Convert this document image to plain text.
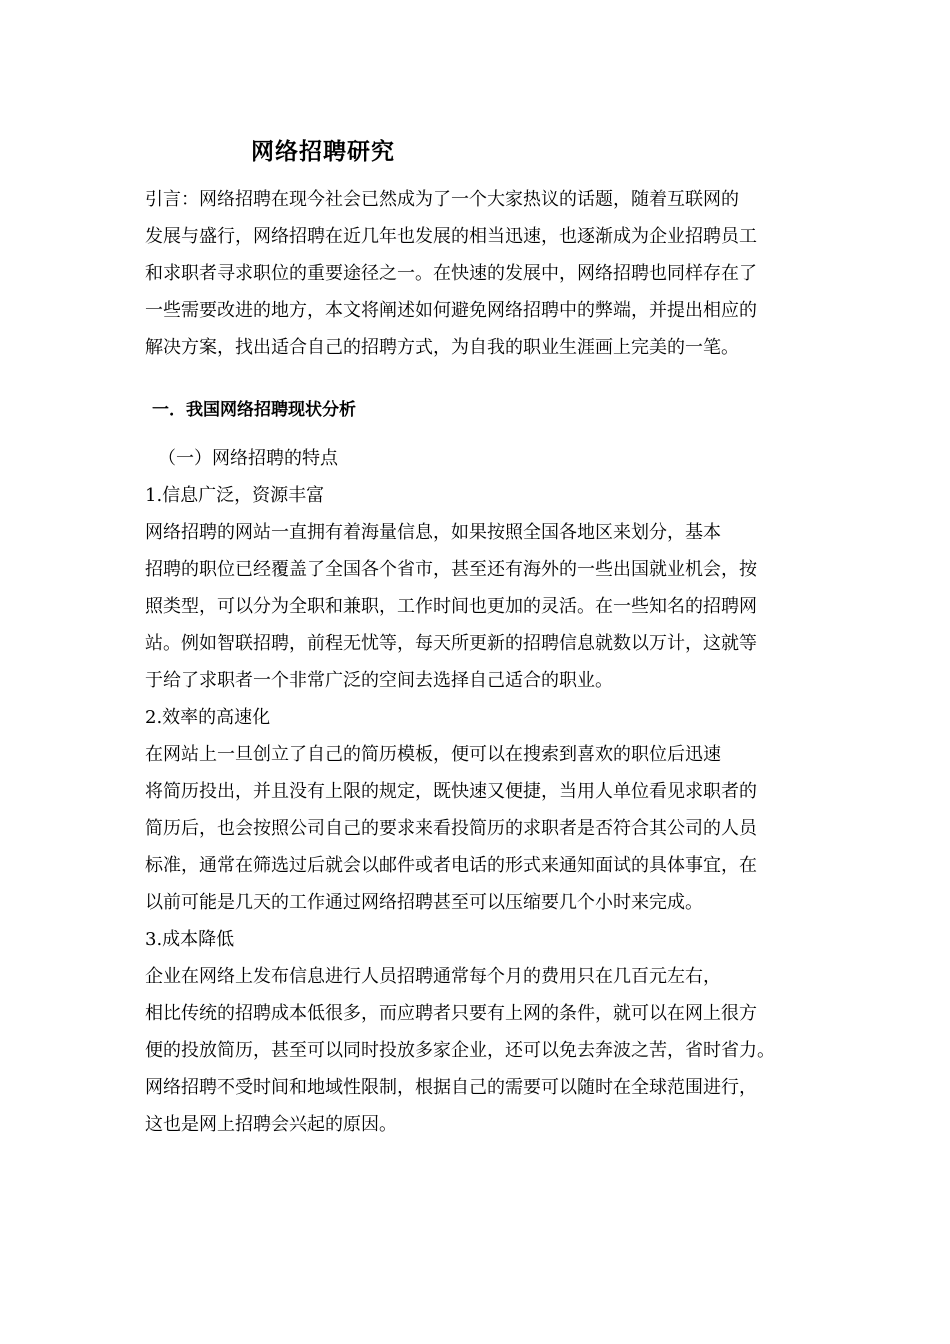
网络招聘研究
引言：网络招聘在现今社会已然成为了一个大家热议的话题，随着互联网的
发展与盛行，网络招聘在近几年也发展的相当迅速，也逐渐成为企业招聘员工
和求职者寻求职位的重要途径之一。在快速的发展中，网络招聘也同样存在了
一些需要改进的地方，本文将阐述如何避免网络招聘中的弊端，并提出相应的
解决方案，找出适合自己的招聘方式，为自我的职业生涯画上完美的一笔。
一．我国网络招聘现状分析
（一）网络招聘的特点
1.信息广泛，资源丰富
网络招聘的网站一直拥有着海量信息，如果按照全国各地区来划分，基本
招聘的职位已经覆盖了全国各个省市，甚至还有海外的一些出国就业机会，按
照类型，可以分为全职和兼职，工作时间也更加的灵活。在一些知名的招聘网
站。例如智联招聘，前程无忧等，每天所更新的招聘信息就数以万计，这就等
于给了求职者一个非常广泛的空间去选择自己适合的职业。
2.效率的高速化
在网站上一旦创立了自己的简历模板，便可以在搜索到喜欢的职位后迅速
将简历投出，并且没有上限的规定，既快速又便捷，当用人单位看见求职者的
简历后，也会按照公司自己的要求来看投简历的求职者是否符合其公司的人员
标准，通常在筛选过后就会以邮件或者电话的形式来通知面试的具体事宜，在
以前可能是几天的工作通过网络招聘甚至可以压缩要几个小时来完成。
3.成本降低
企业在网络上发布信息进行人员招聘通常每个月的费用只在几百元左右，
相比传统的招聘成本低很多，而应聘者只要有上网的条件，就可以在网上很方
便的投放简历，甚至可以同时投放多家企业，还可以免去奔波之苦，省时省力。
网络招聘不受时间和地域性限制，根据自己的需要可以随时在全球范围进行，
这也是网上招聘会兴起的原因。
